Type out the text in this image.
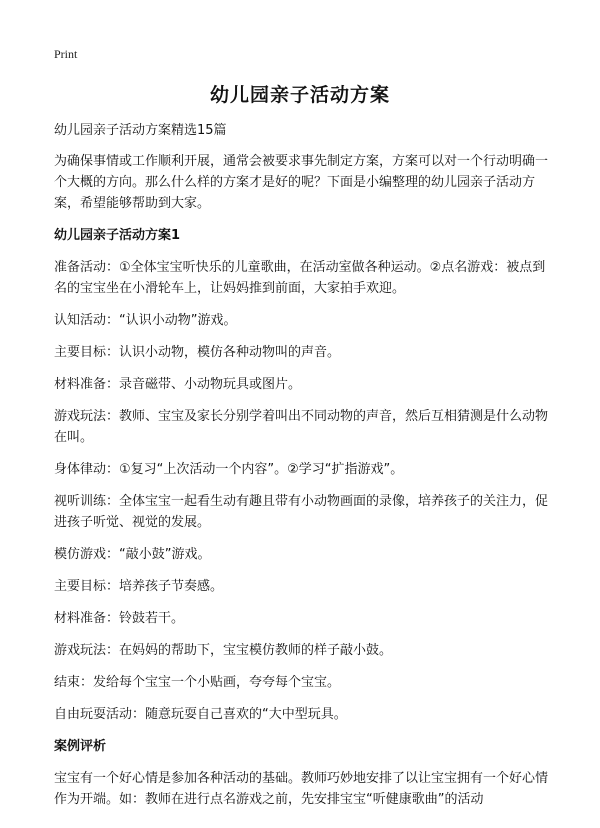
Print
幼儿园亲子活动方案

幼儿园亲子活动方案精选15篇

为确保事情或工作顺利开展，通常会被要求事先制定方案，方案可以对一个行动明确一个大概的方向。那么什么样的方案才是好的呢？下面是小编整理的幼儿园亲子活动方案，希望能够帮助到大家。

幼儿园亲子活动方案1

准备活动：①全体宝宝听快乐的儿童歌曲，在活动室做各种运动。②点名游戏：被点到名的宝宝坐在小滑轮车上，让妈妈推到前面，大家拍手欢迎。

认知活动：“认识小动物”游戏。

主要目标：认识小动物，模仿各种动物叫的声音。

材料准备：录音磁带、小动物玩具或图片。

游戏玩法：教师、宝宝及家长分别学着叫出不同动物的声音，然后互相猜测是什么动物在叫。

身体律动：①复习“上次活动一个内容”。②学习“扩指游戏”。

视听训练：全体宝宝一起看生动有趣且带有小动物画面的录像，培养孩子的关注力，促进孩子听觉、视觉的发展。

模仿游戏：“敲小鼓”游戏。

主要目标：培养孩子节奏感。

材料准备：铃鼓若干。

游戏玩法：在妈妈的帮助下，宝宝模仿教师的样子敲小鼓。

结束：发给每个宝宝一个小贴画，夸夸每个宝宝。

自由玩耍活动：随意玩耍自己喜欢的“大中型玩具。

案例评析

宝宝有一个好心情是参加各种活动的基础。教师巧妙地安排了以让宝宝拥有一个好心情作为开端。如：教师在进行点名游戏之前，先安排宝宝“听健康歌曲”的活动
